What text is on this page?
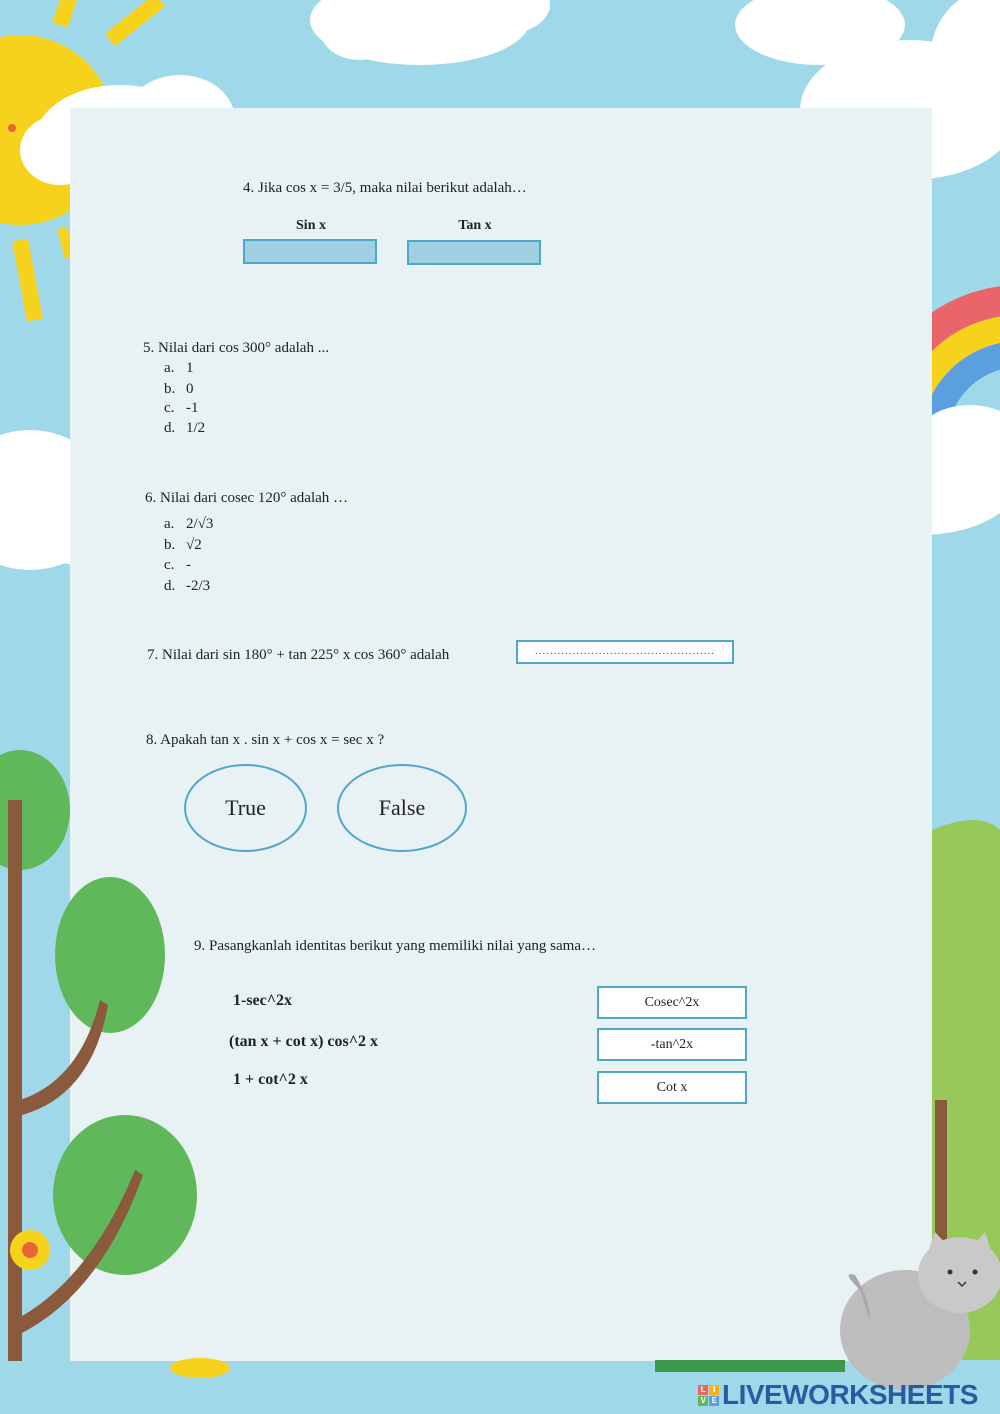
4. Jika cos x = 3/5, maka nilai berikut adalah…
Sin x	Tan x
5. Nilai dari cos 300° adalah ...
a. 1
b. 0
c. -1
d. 1/2
6. Nilai dari cosec 120° adalah …
a. 2/√3
b. √2
c. -
d. -2/3
7. Nilai dari sin 180° + tan 225° x cos 360° adalah	................................................
8. Apakah tan x . sin x + cos x = sec x ?
True	False
9. Pasangkanlah identitas berikut yang memiliki nilai yang sama…
1-sec^2x
(tan x + cot x) cos^2 x
1 + cot^2 x
Cosec^2x
-tan^2x
Cot x
L I
V E LIVEWORKSHEETS
